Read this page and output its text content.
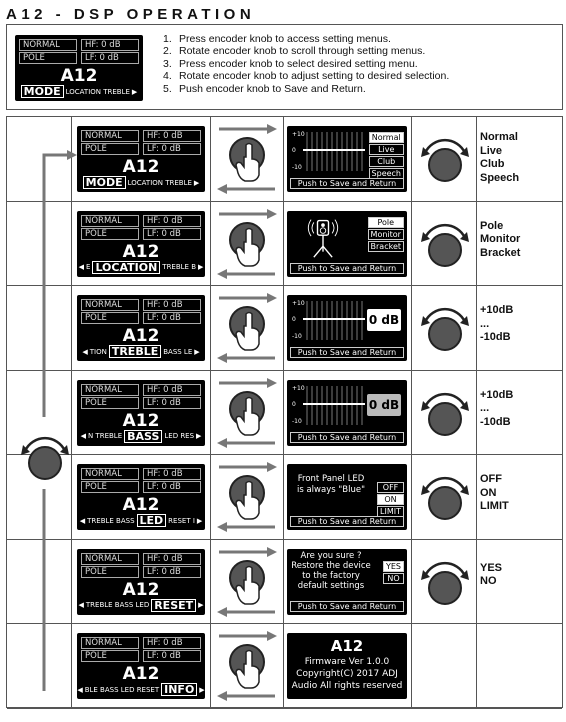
A12 - DSP OPERATION
NORMAL	HF: 0 dB
POLE	LF: 0 dB
A12
MODE LOCATION TREBLE ▶
1. Press encoder knob to access setting menus.
2. Rotate encoder knob to scroll through setting menus.
3. Press encoder knob to select desired setting menu.
4. Rotate encoder knob to adjust setting to desired selection.
5. Push encoder knob to Save and Return.
NORMAL	HF: 0 dB
POLE	LF: 0 dB
A12
MODE LOCATION TREBLE ▶
+10
0
-10
Normal
Live
Club
Speech
Push to Save and Return
Normal
Live
Club
Speech
NORMAL	HF: 0 dB
POLE	LF: 0 dB
A12
◀ E LOCATION TREBLE B ▶
Pole
Monitor
Bracket
Push to Save and Return
Pole
Monitor
Bracket
NORMAL	HF: 0 dB
POLE	LF: 0 dB
A12
◀ TION TREBLE BASS LE ▶
+10
0
-10
0 dB
Push to Save and Return
+10dB
...
-10dB
NORMAL	HF: 0 dB
POLE	LF: 0 dB
A12
◀ N TREBLE BASS LED RES ▶
+10
0
-10
0 dB
Push to Save and Return
+10dB
...
-10dB
NORMAL	HF: 0 dB
POLE	LF: 0 dB
A12
◀ TREBLE BASS LED RESET I ▶
Front Panel LED
is always "Blue"	OFF
ON
LIMIT
Push to Save and Return
OFF
ON
LIMIT
NORMAL	HF: 0 dB
POLE	LF: 0 dB
A12
◀ TREBLE BASS LED RESET ▶
Are you sure ?
Restore the device
to the factory
default settings
YES
NO
Push to Save and Return
YES
NO
NORMAL	HF: 0 dB
POLE	LF: 0 dB
A12
◀ BLE BASS LED RESET INFO ▶
A12
Firmware Ver 1.0.0
Copyright(C) 2017 ADJ
Audio All rights reserved
